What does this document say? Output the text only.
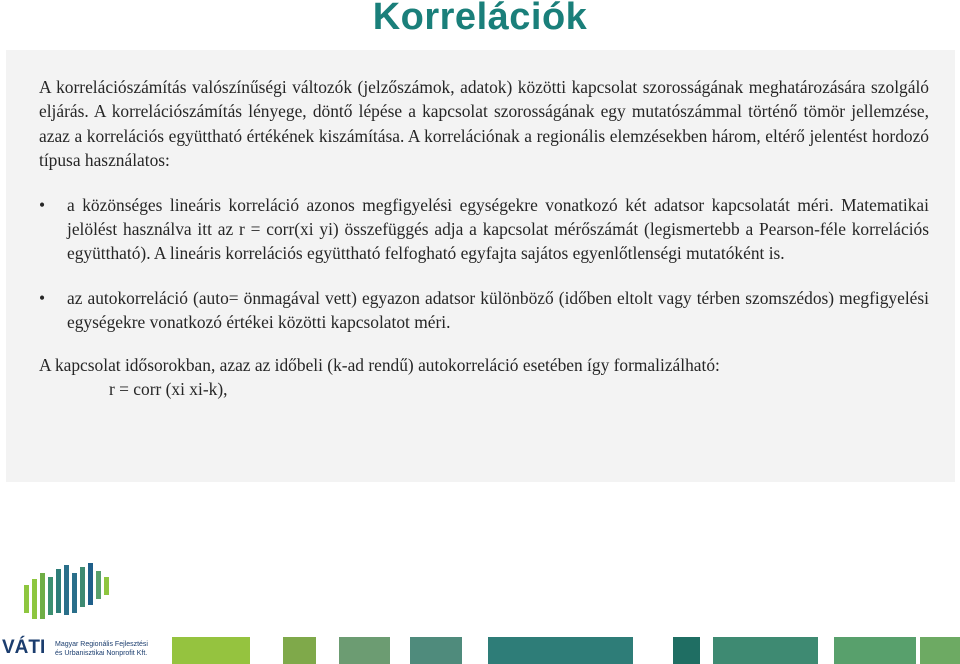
Korrelációk

A korrelációszámítás valószínűségi változók (jelzőszámok, adatok) közötti kapcsolat szorosságának meghatározására szolgáló eljárás. A korrelációszámítás lényege, döntő lépése a kapcsolat szorosságának egy mutatószámmal történő tömör jellemzése, azaz a korrelációs együttható értékének kiszámítása. A korrelációnak a regionális elemzésekben három, eltérő jelentést hordozó típusa használatos:

• a közönséges lineáris korreláció azonos megfigyelési egységekre vonatkozó két adatsor kapcsolatát méri. Matematikai jelölést használva itt az r = corr(xi yi) összefüggés adja a kapcsolat mérőszámát (legismertebb a Pearson-féle korrelációs együttható). A lineáris korrelációs együttható felfogható egyfajta sajátos egyenlőtlenségi mutatóként is.

• az autokorreláció (auto= önmagával vett) egyazon adatsor különböző (időben eltolt vagy térben szomszédos) megfigyelési egységekre vonatkozó értékei közötti kapcsolatot méri.

A kapcsolat idősorokban, azaz az időbeli (k-ad rendű) autokorreláció esetében így formalizálható:

r = corr (xi xi-k),

VÁTI Magyar Regionális Fejlesztési
és Urbanisztikai Nonprofit Kft.
